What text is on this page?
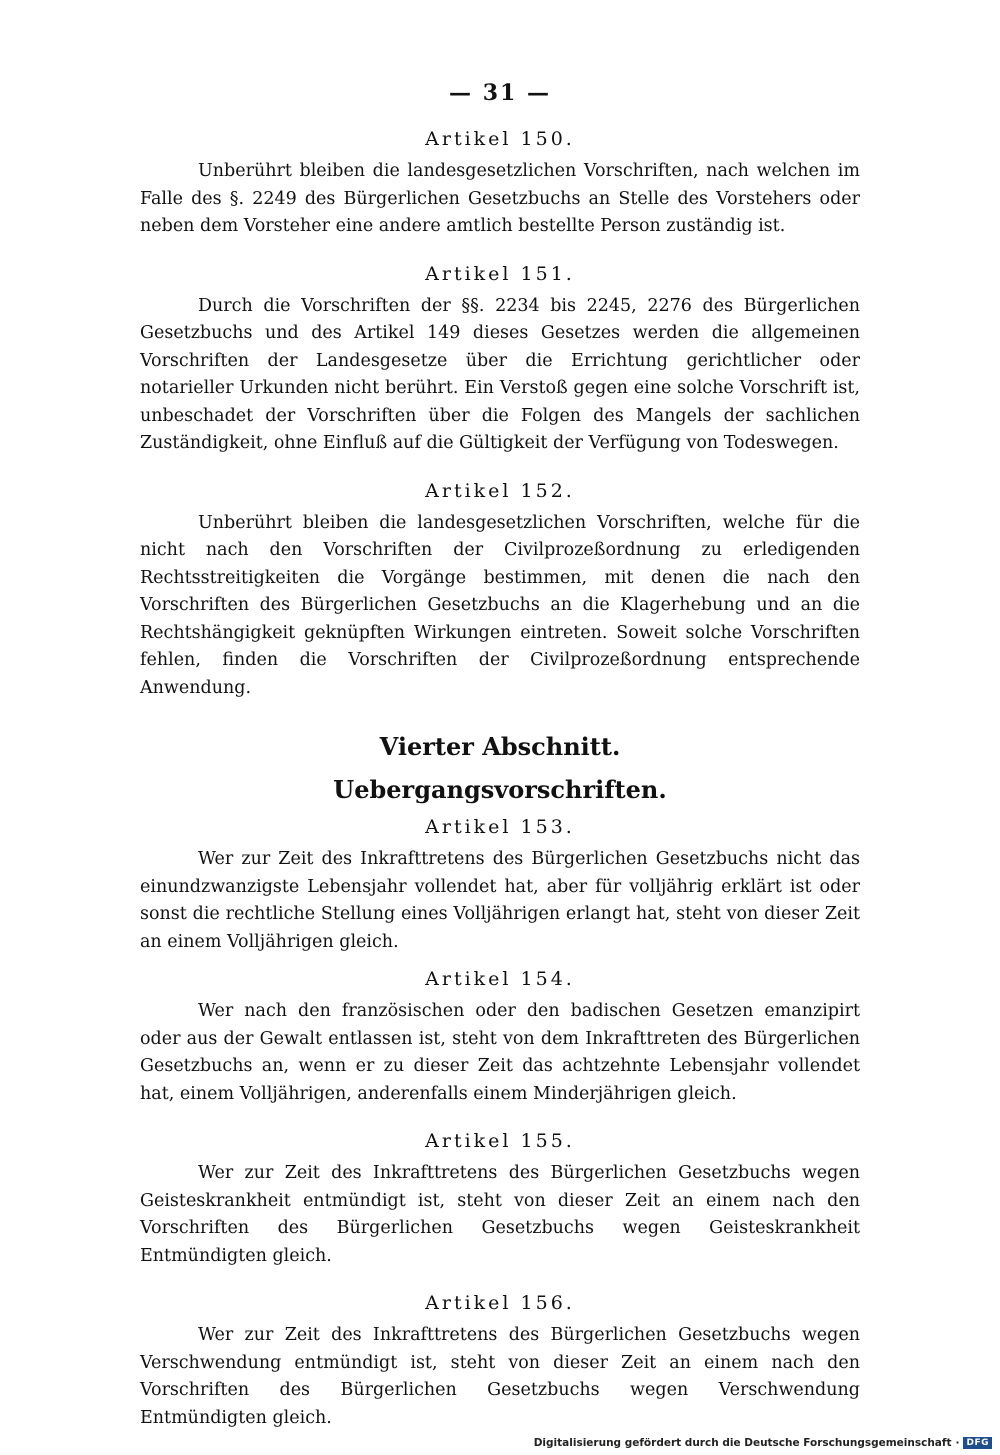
— 31 —
Artikel 150.

Unberührt bleiben die landesgesetzlichen Vorschriften, nach welchen im Falle des §. 2249 des Bürgerlichen Gesetzbuchs an Stelle des Vorstehers oder neben dem Vorsteher eine andere amtlich bestellte Person zuständig ist.

Artikel 151.

Durch die Vorschriften der §§. 2234 bis 2245, 2276 des Bürgerlichen Gesetzbuchs und des Artikel 149 dieses Gesetzes werden die allgemeinen Vorschriften der Landesgesetze über die Errichtung gerichtlicher oder notarieller Urkunden nicht berührt. Ein Verstoß gegen eine solche Vorschrift ist, unbeschadet der Vorschriften über die Folgen des Mangels der sachlichen Zuständigkeit, ohne Einfluß auf die Gültigkeit der Verfügung von Todeswegen.

Artikel 152.

Unberührt bleiben die landesgesetzlichen Vorschriften, welche für die nicht nach den Vorschriften der Civilprozeßordnung zu erledigenden Rechtsstreitigkeiten die Vorgänge bestimmen, mit denen die nach den Vorschriften des Bürgerlichen Gesetzbuchs an die Klagerhebung und an die Rechtshängigkeit geknüpften Wirkungen eintreten. Soweit solche Vorschriften fehlen, finden die Vorschriften der Civilprozeßordnung entsprechende Anwendung.

Vierter Abschnitt.
Uebergangsvorschriften.
Artikel 153.

Wer zur Zeit des Inkrafttretens des Bürgerlichen Gesetzbuchs nicht das einundzwanzigste Lebensjahr vollendet hat, aber für volljährig erklärt ist oder sonst die rechtliche Stellung eines Volljährigen erlangt hat, steht von dieser Zeit an einem Volljährigen gleich.

Artikel 154.

Wer nach den französischen oder den badischen Gesetzen emanzipirt oder aus der Gewalt entlassen ist, steht von dem Inkrafttreten des Bürgerlichen Gesetzbuchs an, wenn er zu dieser Zeit das achtzehnte Lebensjahr vollendet hat, einem Volljährigen, anderenfalls einem Minderjährigen gleich.

Artikel 155.

Wer zur Zeit des Inkrafttretens des Bürgerlichen Gesetzbuchs wegen Geisteskrankheit entmündigt ist, steht von dieser Zeit an einem nach den Vorschriften des Bürgerlichen Gesetzbuchs wegen Geisteskrankheit Entmündigten gleich.

Artikel 156.

Wer zur Zeit des Inkrafttretens des Bürgerlichen Gesetzbuchs wegen Verschwendung entmündigt ist, steht von dieser Zeit an einem nach den Vorschriften des Bürgerlichen Gesetzbuchs wegen Verschwendung Entmündigten gleich.

Digitalisierung gefördert durch die Deutsche Forschungsgemeinschaft · DFG
